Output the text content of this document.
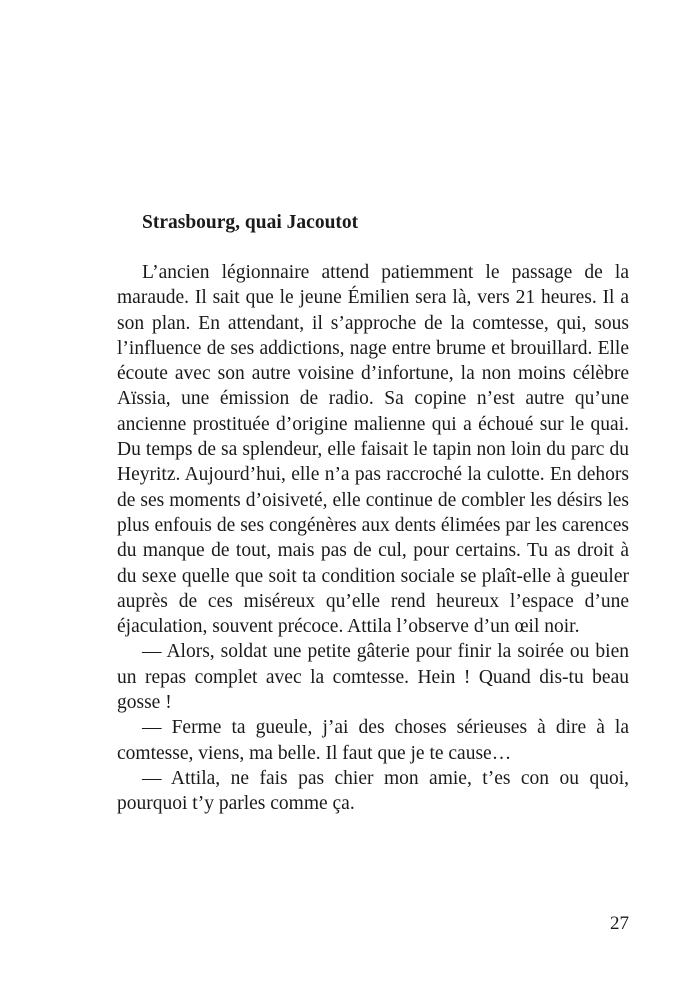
Strasbourg, quai Jacoutot

L’ancien légionnaire attend patiemment le passage de la maraude. Il sait que le jeune Émilien sera là, vers 21 heures. Il a son plan. En attendant, il s’approche de la comtesse, qui, sous l’influence de ses addictions, nage entre brume et brouillard. Elle écoute avec son autre voisine d’infortune, la non moins célèbre Aïssia, une émission de radio. Sa copine n’est autre qu’une ancienne prostituée d’origine malienne qui a échoué sur le quai. Du temps de sa splendeur, elle faisait le tapin non loin du parc du Heyritz. Aujourd’hui, elle n’a pas raccroché la culotte. En dehors de ses moments d’oisiveté, elle continue de combler les désirs les plus enfouis de ses congénères aux dents élimées par les carences du manque de tout, mais pas de cul, pour certains. Tu as droit à du sexe quelle que soit ta condition sociale se plaît-elle à gueuler auprès de ces miséreux qu’elle rend heureux l’espace d’une éjaculation, souvent précoce. Attila l’observe d’un œil noir.

— Alors, soldat une petite gâterie pour finir la soirée ou bien un repas complet avec la comtesse. Hein ! Quand dis-tu beau gosse !

— Ferme ta gueule, j’ai des choses sérieuses à dire à la comtesse, viens, ma belle. Il faut que je te cause…

— Attila, ne fais pas chier mon amie, t’es con ou quoi, pourquoi t’y parles comme ça.

27
